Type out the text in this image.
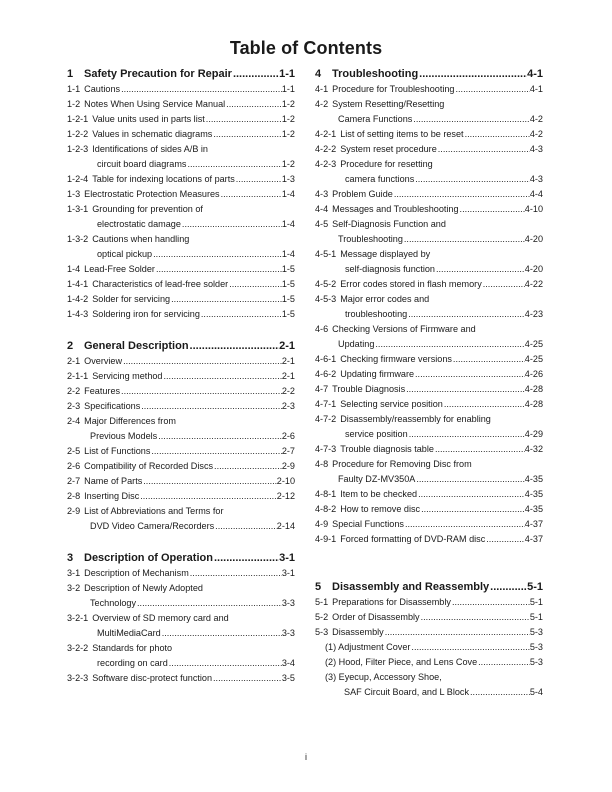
Table of Contents
1 Safety Precaution for Repair .....	1-1
1-1 Cautions .....	1-1
1-2 Notes When Using Service Manual .....	1-2
1-2-1 Value units used in parts list .....	1-2
1-2-2 Values in schematic diagrams .....	1-2
1-2-3 Identifications of sides A/B in
circuit board diagrams .....	1-2
1-2-4 Table for indexing locations of parts .....	1-3
1-3 Electrostatic Protection Measures .....	1-4
1-3-1 Grounding for prevention of
electrostatic damage .....	1-4
1-3-2 Cautions when handling
optical pickup .....	1-4
1-4 Lead-Free Solder .....	1-5
1-4-1 Characteristics of lead-free solder .....	1-5
1-4-2 Solder for servicing .....	1-5
1-4-3 Soldering iron for servicing .....	1-5
2 General Description .....	2-1
2-1 Overview .....	2-1
2-1-1 Servicing method .....	2-1
2-2 Features .....	2-2
2-3 Specifications .....	2-3
2-4 Major Differences from
Previous Models .....	2-6
2-5 List of Functions .....	2-7
2-6 Compatibility of Recorded Discs .....	2-9
2-7 Name of Parts .....	2-10
2-8 Inserting Disc .....	2-12
2-9 List of Abbreviations and Terms for
DVD Video Camera/Recorders .....	2-14
3 Description of Operation .....	3-1
3-1 Description of Mechanism .....	3-1
3-2 Description of Newly Adopted
Technology .....	3-3
3-2-1 Overview of SD memory card and
MultiMediaCard .....	3-3
3-2-2 Standards for photo
recording on card .....	3-4
3-2-3 Software disc-protect function .....	3-5
4 Troubleshooting .....	4-1
4-1 Procedure for Troubleshooting .....	4-1
4-2 System Resetting/Resetting
Camera Functions .....	4-2
4-2-1 List of setting items to be reset .....	4-2
4-2-2 System reset procedure .....	4-3
4-2-3 Procedure for resetting
camera functions .....	4-3
4-3 Problem Guide .....	4-4
4-4 Messages and Troubleshooting .....	4-10
4-5 Self-Diagnosis Function and
Troubleshooting .....	4-20
4-5-1 Message displayed by
self-diagnosis function .....	4-20
4-5-2 Error codes stored in flash memory .....	4-22
4-5-3 Major error codes and
troubleshooting .....	4-23
4-6 Checking Versions of Firmware and
Updating .....	4-25
4-6-1 Checking firmware versions .....	4-25
4-6-2 Updating firmware .....	4-26
4-7 Trouble Diagnosis .....	4-28
4-7-1 Selecting service position .....	4-28
4-7-2 Disassembly/reassembly for enabling
service position .....	4-29
4-7-3 Trouble diagnosis table .....	4-32
4-8 Procedure for Removing Disc from
Faulty DZ-MV350A .....	4-35
4-8-1 Item to be checked .....	4-35
4-8-2 How to remove disc .....	4-35
4-9 Special Functions .....	4-37
4-9-1 Forced formatting of DVD-RAM disc .....	4-37
5 Disassembly and Reassembly .....	5-1
5-1 Preparations for Disassembly .....	5-1
5-2 Order of Disassembly .....	5-1
5-3 Disassembly .....	5-3
(1) Adjustment Cover .....	5-3
(2) Hood, Filter Piece, and Lens Cove .....	5-3
(3) Eyecup, Accessory Shoe,
SAF Circuit Board, and L Block .....	5-4
i
